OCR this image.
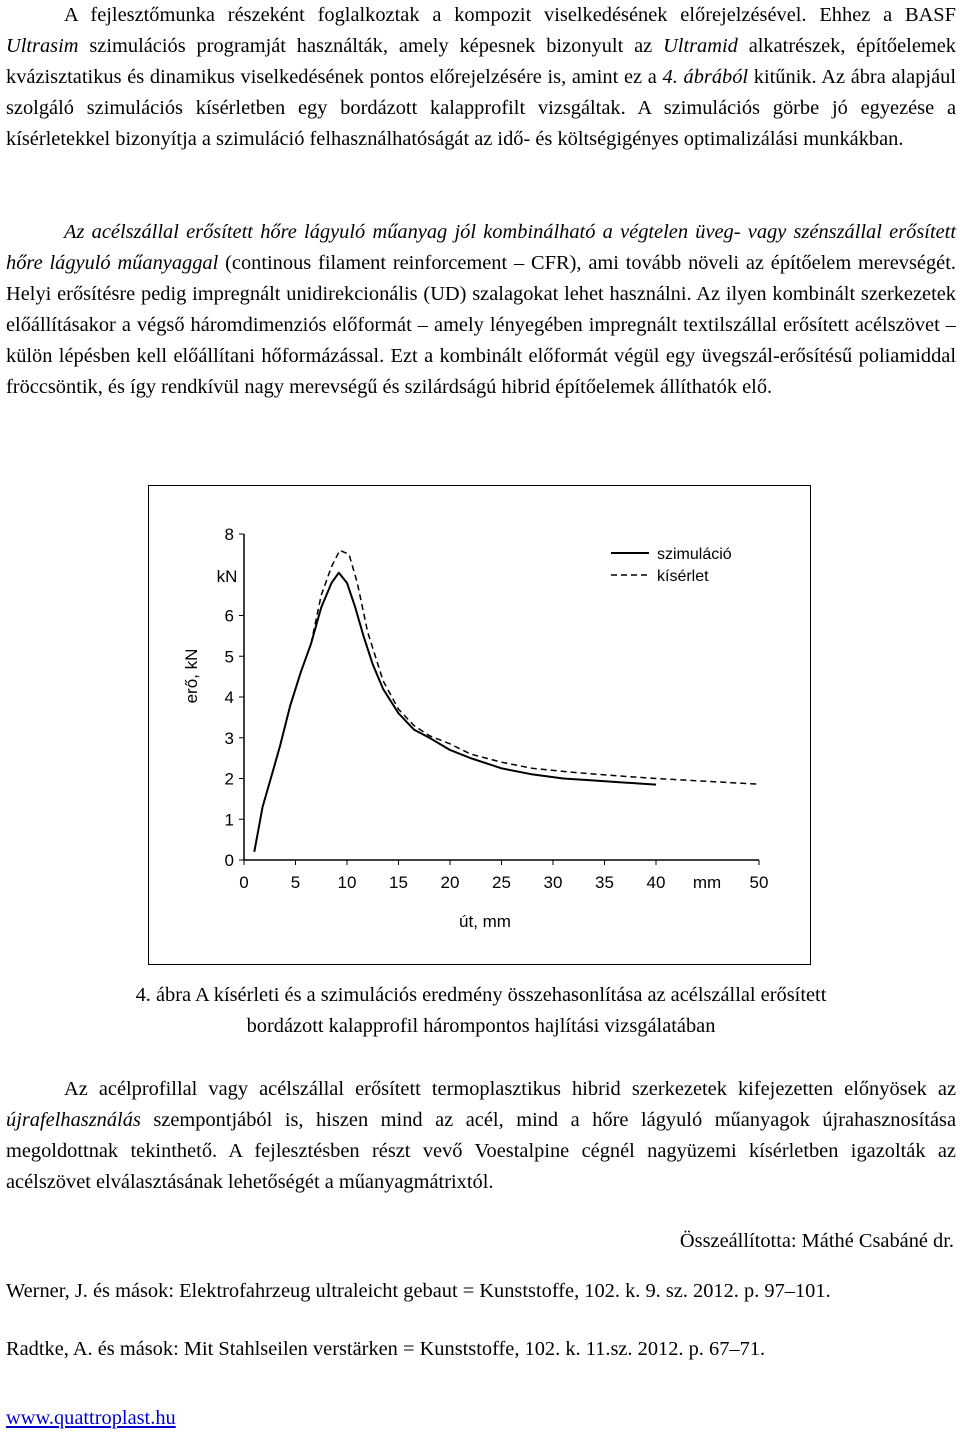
A fejlesztőmunka részeként foglalkoztak a kompozit viselkedésének előrejelzésével. Ehhez a BASF Ultrasim szimulációs programját használták, amely képesnek bizonyult az Ultramid alkatrészek, építőelemek kvázisztatikus és dinamikus viselkedésének pontos előrejelzésére is, amint ez a 4. ábrából kitűnik. Az ábra alapjául szolgáló szimulációs kísérletben egy bordázott kalapprofilt vizsgáltak. A szimulációs görbe jó egyezése a kísérletekkel bizonyítja a szimuláció felhasználhatóságát az idő- és költségigényes optimalizálási munkákban.

Az acélszállal erősített hőre lágyuló műanyag jól kombinálható a végtelen üveg- vagy szénszállal erősített hőre lágyuló műanyaggal (continous filament reinforcement – CFR), ami tovább növeli az építőelem merevségét. Helyi erősítésre pedig impregnált unidirekcionális (UD) szalagokat lehet használni. Az ilyen kombinált szerkezetek előállításakor a végső háromdimenziós előformát – amely lényegében impregnált textilszállal erősített acélszövet – külön lépésben kell előállítani hőformázással. Ezt a kombinált előformát végül egy üvegszál-erősítésű poliamiddal fröccsöntik, és így rendkívül nagy merevségű és szilárdságú hibrid építőelemek állíthatók elő.

0
1
2
3
4
5
6
8
0 5 10 15 20 25 30 35 40	50
kN
mm
erő, kN
út, mm
szimuláció
kísérlet
4. ábra A kísérleti és a szimulációs eredmény összehasonlítása az acélszállal erősített
bordázott kalapprofil hárompontos hajlítási vizsgálatában

Az acélprofillal vagy acélszállal erősített termoplasztikus hibrid szerkezetek kifejezetten előnyösek az újrafelhasználás szempontjából is, hiszen mind az acél, mind a hőre lágyuló műanyagok újrahasznosítása megoldottnak tekinthető. A fejlesztésben részt vevő Voestalpine cégnél nagyüzemi kísérletben igazolták az acélszövet elválasztásának lehetőségét a műanyagmátrixtól.

Összeállította: Máthé Csabáné dr.
Werner, J. és mások: Elektrofahrzeug ultraleicht gebaut = Kunststoffe, 102. k. 9. sz. 2012. p. 97–101.
Radtke, A. és mások: Mit Stahlseilen verstärken = Kunststoffe, 102. k. 11.sz. 2012. p. 67–71.
www.quattroplast.hu
